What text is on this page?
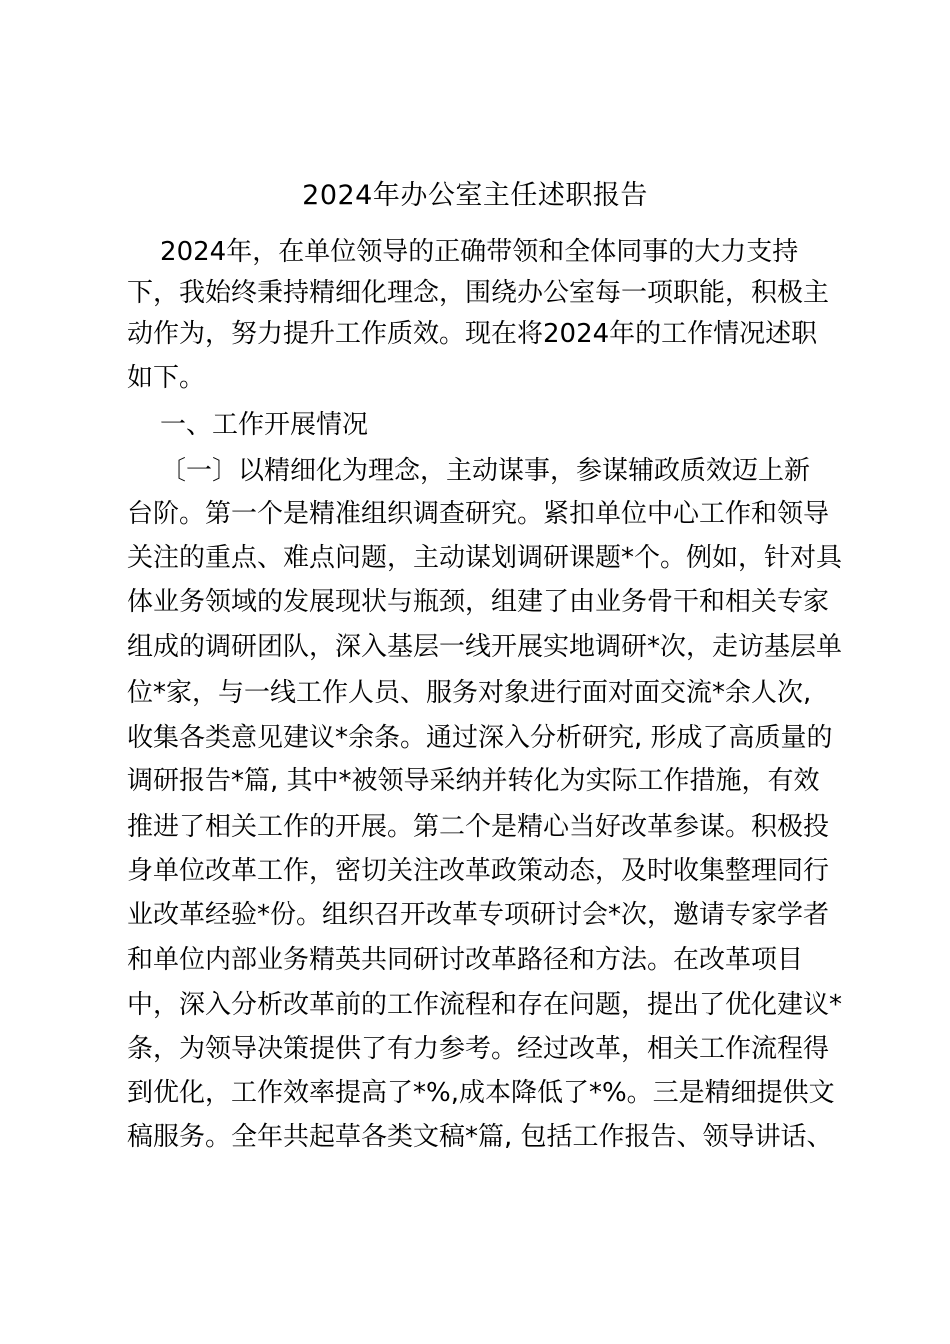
2024年办公室主任述职报告
2024年，在单位领导的正确带领和全体同事的大力支持
下，我始终秉持精细化理念，围绕办公室每一项职能，积极主
动作为，努力提升工作质效。现在将2024年的工作情况述职
如下。
一、工作开展情况
〔一〕以精细化为理念，主动谋事，参谋辅政质效迈上新
台阶。第一个是精准组织调查研究。紧扣单位中心工作和领导
关注的重点、难点问题，主动谋划调研课题*个。例如，针对具
体业务领域的发展现状与瓶颈，组建了由业务骨干和相关专家
组成的调研团队，深入基层一线开展实地调研*次，走访基层单
位*家，与一线工作人员、服务对象进行面对面交流*余人次,
收集各类意见建议*余条。通过深入分析研究, 形成了高质量的
调研报告*篇, 其中*被领导采纳并转化为实际工作措施，有效
推进了相关工作的开展。第二个是精心当好改革参谋。积极投
身单位改革工作，密切关注改革政策动态，及时收集整理同行
业改革经验*份。组织召开改革专项研讨会*次，邀请专家学者
和单位内部业务精英共同研讨改革路径和方法。在改革项目
中，深入分析改革前的工作流程和存在问题，提出了优化建议*
条，为领导决策提供了有力参考。经过改革，相关工作流程得
到优化，工作效率提高了*%,成本降低了*%。三是精细提供文
稿服务。全年共起草各类文稿*篇, 包括工作报告、领导讲话、
